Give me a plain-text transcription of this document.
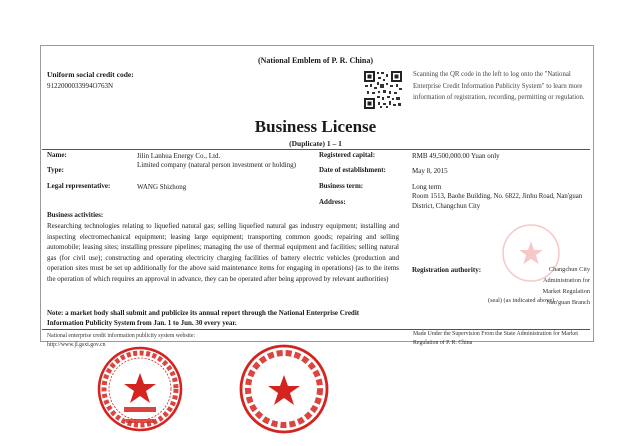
(National Emblem of P. R. China)
Uniform social credit code:
9122000033994O763N
Scanning the QR code in the left to log onto the "National Enterprise Credit Information Publicity System" to learn more information of registration, recording, permitting or regulation.
Business License
(Duplicate) 1 – 1
Name:	Jilin Lanhua Energy Co., Ltd.
Type:
Limited company (natural person investment or holding)
Legal representative:	WANG Shizhong
Registered capital:	RMB 49,500,000.00 Yuan only
Date of establishment:	May 8, 2015
Business term:	Long term
Address:
Room 1513, Baohe Building, No. 6822, Jinhu Road, Nan'guan District, Changchun City
Business activities:
Researching technologies relating to liquefied natural gas; selling liquefied natural gas industry equipment; installing and inspecting electromechanical equipment; leasing large equipment; transporting common goods; repairing and selling automobile; leasing sites; installing pressure pipelines; managing the use of thermal equipment and facilities; selling natural gas (for civil use); constructing and operating electricity charging facilities of battery electric vehicles (production and operation sites must be set up additionally for the above said maintenance items for engaging in operations) (as to the items the operation of which requires an approval in advance, they can be operated after being approved by relevant authorities)
Registration authority:	Changchun City Administration for Market Regulation Nan'guan Branch
(seal) (as indicated above)
Note: a market body shall submit and publicize its annual report through the National Enterprise Credit Information Publicity System from Jan. 1 to Jun. 30 every year.
National enterprise credit information publicity system website:
http://www.jl.gsxt.gov.cn
Made Under the Supervision From the State Administration for Market Regulation of P. R. China
